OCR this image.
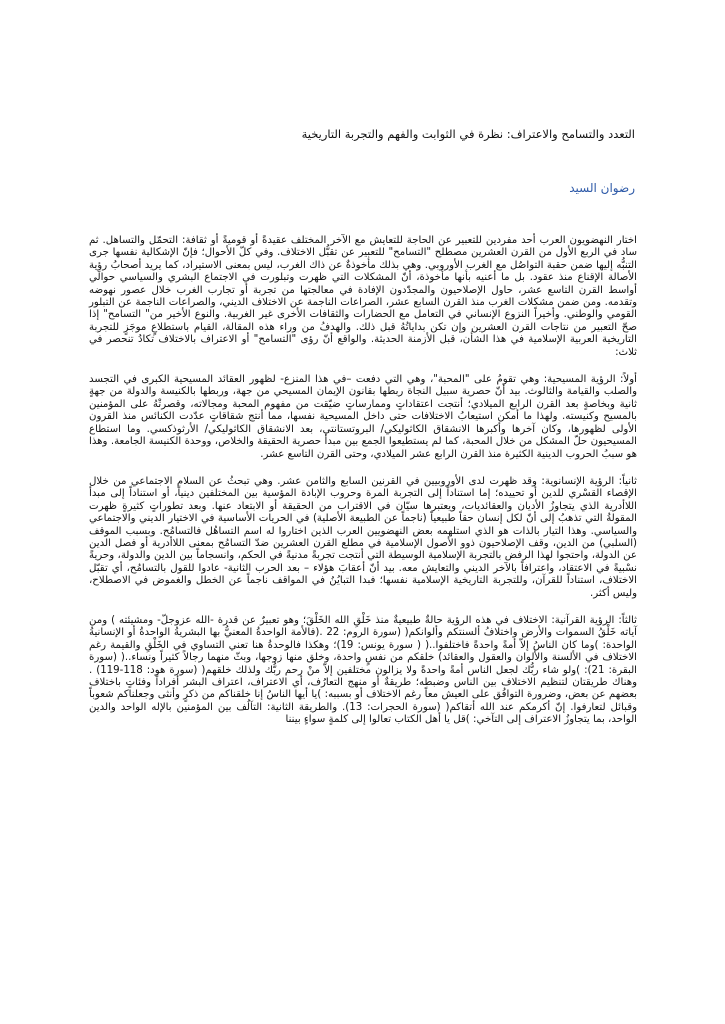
التعدد والتسامح والاعتراف: نظرة في الثوابت والفهم والتجربة التاريخية

رضوان السيد

اختار النهضويون العرب أحد مفردين للتعبير عن الحاجة للتعايش مع الآخر المختلف عقيدةً أو قوميةً أو ثقافة: التحمّل والتساهل. ثم ساد في الربع الأول من القرن العشرين مصطلح "التسامح" للتعبير عن تقبُّل الاختلاف. وفي كلّ الأحوال؛ فإنّ الإشكالية نفسها جرى التنبُّه إليها ضمن حقبة التواصُل مع الغرب الأوروبي. وهي بذلك مأخوذةٌ عن ذاك الغرب، ليس بمعنى الاستيراد، كما يريد أصحابُ رؤية الأصالة الإقناع منذ عقود. بل ما أعنيه بأنها مأخوذة، أنّ المشكلات التي ظهرت وتبلورت في الاجتماع البشري والسياسي حوالَي أواسط القرن التاسع عشر، حاول الإصلاحيون والمجدّدون الإفادة في معالجتها من تجربة أو تجارب الغرب خلال عصور نهوضه وتقدمه. ومن ضمن مشكلات الغرب منذ القرن السابع عشر، الصراعات الناجمة عن الاختلاف الديني، والصراعات الناجمة عن التبلور القومي والوطني. وأخيراً النزوع الإنساني في التعامل مع الحضارات والثقافات الأخرى غير الغربية. والنوع الأخير من" التسامح" إذا صحّ التعبير من نتاجات القرن العشرين وإن تكن بداياتُهُ قبل ذلك. والهدفُ من وراء هذه المقالة، القيام باستطلاعٍ موجَزٍ للتجربة التاريخية العربية الإسلامية في هذا الشأن، قبل الأزمنة الحديثة. والواقع أنّ رؤى "التسامح" أو الاعتراف بالاختلاف تكادُ تنحصر في ثلاث:

أولاً: الرؤية المسيحية: وهي تقومُ على "المحبة"، وهي التي دفعت –في هذا المنزع- لظهور العقائد المسيحية الكبرى في التجسد والصلب والقيامة والثالوث. بيد أنّ حصرية سبيل النجاة ربطها بقانون الإيمان المسيحي من جهة، وربطها بالكنيسة والدولة من جهةٍ ثانية وبخاصةٍ بعد القرن الرابع الميلادي؛ أنتجت اعتقاداتٍ وممارساتٍ ضيّقت من مفهوم المحبة ومجالاته، وقصرتْهُ على المؤمنين بالمسيح وكنيسته. ولهذا ما أمكن استيعابُ الاختلافات حتى داخل المسيحية نفسها، مما أنتج شقاقاتٍ عدّدت الكنائس منذ القرون الأولى لظهورها، وكان آخرها وأكبرها الانشقاق الكاثوليكي/ البروتستانتي، بعد الانشقاق الكاثوليكي/ الأرثوذكسي. وما استطاع المسيحيون حلّ المشكل من خلال المحبة، كما لم يستطيعوا الجمع بين مبدأ حصرية الحقيقة والخلاص، ووحدة الكنيسة الجامعة. وهذا هو سببُ الحروب الدينية الكثيرة منذ القرن الرابع عشر الميلادي، وحتى القرن التاسع عشر.

ثانياً: الرؤية الإنسانوية: وقد ظهرت لدى الأوروبيين في القرنين السابع والثامن عشر. وهي تبحثُ عن السلام الاجتماعي من خلال الإقصاء القسْري للدين أو تحييده؛ إما استناداً إلى التجربة المرة وحروب الإبادة المؤسية بين المختلفين دينياً، أو استناداً إلى مبدأ اللاأدرية الذي يتجاوزُ الأديان والعقائديات، ويعتبرها سيّان في الاقتراب من الحقيقة أو الابتعاد عنها. وبعد تطوراتٍ كثيرةٍ ظهرت المقولةُ التي تذهبُ إلى أنّ لكل إنسان حقاً طبيعياً (ناجماً عن الطبيعة الأصلية) في الحريات الأساسية في الاختيار الديني والاجتماعي والسياسي. وهذا التيار بالذات هو الذي استلهمه بعض النهضويين العرب الذين اختاروا له اسم التساهُل فالتسامُح. وبسبب الموقف (السلبي) من الدين، وقف الإصلاحيون ذوو الأصول الإسلامية في مطلع القرن العشرين ضدّ التسامُح بمعنى اللاأدرية أو فصل الدين عن الدولة، واحتجوا لهذا الرفض بالتجربة الإسلامية الوسيطة التي أنتجت تجربةً مدنيةً في الحكم، وانسجاماً بين الدين والدولة، وحريةً نسْبيةً في الاعتقاد، واعترافاً بالآخر الديني والتعايش معه. بيد أنّ أعقابَ هؤلاء – بعد الحرب الثانية- عادوا للقول بالتسامُح، أي تقبّل الاختلاف، استناداً للقرآن، وللتجربة التاريخية الإسلامية نفسها؛ فبدا التبايُنُ في المواقف ناجماً عن الخطل والغموض في الاصطلاح، وليس أكثر.

ثالثاً: الرؤية القرآنية: الاختلاف في هذه الرؤية حالةٌ طبيعيةٌ منذ خَلْقِ الله الخَلْقَ؛ وهو تعبيرٌ عن قدرة -الله عزوجلّ- ومشيئته ) ومن آياته خَلْقُ السموات والأرض واختلافُ ألسنتكم وألوانكم( (سورة الروم: 22 .(فالأمة الواحدةُ المعنيُّ بها البشريةُ الواحدةُ أو الإنسانيةُ الواحدة: )وما كان الناسُ إلاّ أمةً واحدةً فاختلفوا..( ( سورة يونس: 19)؛ وهكذا فالوحدةُ هنا تعني التساوي في الخَلْقِ والقيمة رغم الاختلاف في الألسنة والألوان والعقول والعقائد) خلقكم من نفسٍ واحدة، وخلق منها زوجها، وبثّ منهما رجالاً كثيراً ونساء..( (سورة البقرة: 21): )ولو شاء ربُّك لجعل الناس أمةً واحدةً ولا يزالون مختلفين إلاّ منْ رحم ربُّك ولذلك خلقهم( (سورة هود: 118-119) . وهناك طريقتان لتنظيم الاختلاف بين الناس وضبطه؛ طريقةٌ أو منهج التعارُف، أي الاعتراف، اعتراف البشر أفراداً وفئاتٍ باختلاف بعضهم عن بعض، وضرورة التوافُق على العيش معاً رغم الاختلاف أو بسببه: )يا أيها الناسُ إنا خلقناكم من ذكرٍ وأنثى وجعلناكم شعوباً وقبائل لتعارفوا. إنّ أكرمكم عند الله أتقاكم( (سورة الحجرات: 13). والطريقة الثانية: التآلُف بين المؤمنين بالإله الواحد والدين الواحد، بما يتجاوزُ الاعتراف إلى التآخي: )قل يا أهل الكتاب تعالوا إلى كلمةٍ سواءٍ بيننا
